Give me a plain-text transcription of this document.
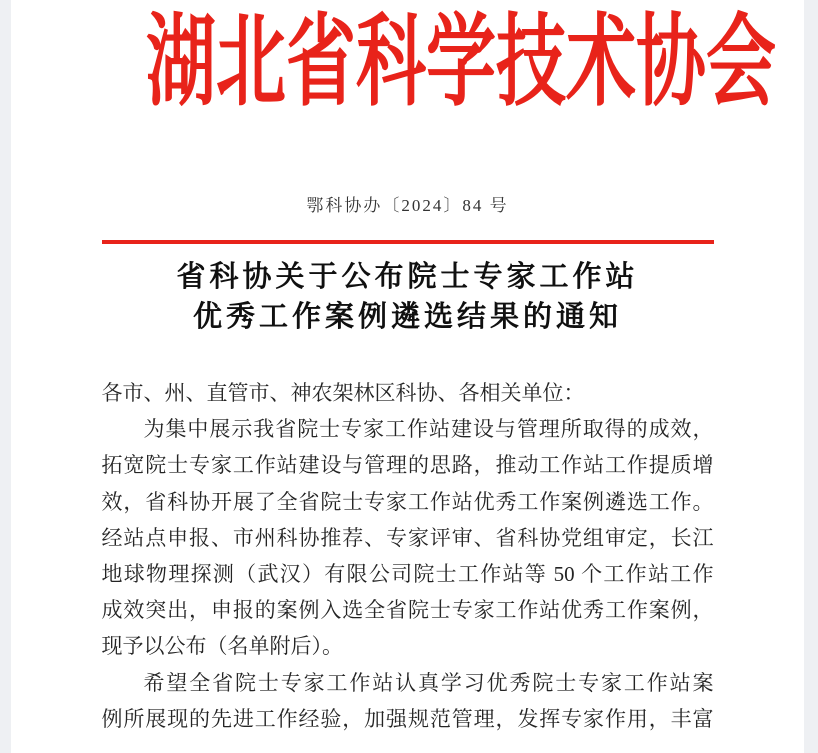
湖北省科学技术协会
鄂科协办〔2024〕84 号
省科协关于公布院士专家工作站
优秀工作案例遴选结果的通知
各市、州、直管市、神农架林区科协、各相关单位：
为集中展示我省院士专家工作站建设与管理所取得的成效，
拓宽院士专家工作站建设与管理的思路，推动工作站工作提质增
效，省科协开展了全省院士专家工作站优秀工作案例遴选工作。
经站点申报、市州科协推荐、专家评审、省科协党组审定，长江
地球物理探测（武汉）有限公司院士工作站等 50 个工作站工作
成效突出，申报的案例入选全省院士专家工作站优秀工作案例，
现予以公布（名单附后）。
希望全省院士专家工作站认真学习优秀院士专家工作站案
例所展现的先进工作经验，加强规范管理，发挥专家作用，丰富
